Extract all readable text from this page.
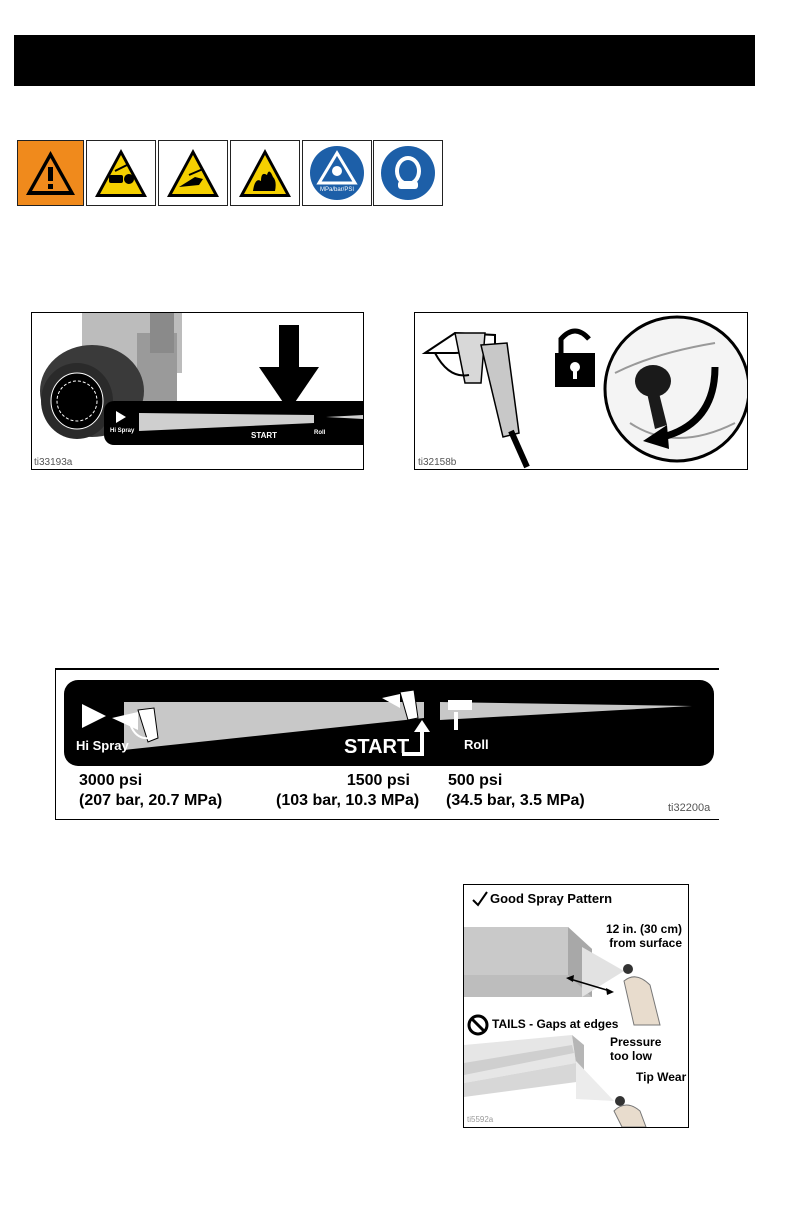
MPa/bar/PSI
Hi Spray	START	Roll
ti33193a	ti32158b
Hi Spray	START	Roll
3000 psi
(207 bar, 20.7 MPa)
1500 psi
(103 bar, 10.3 MPa)
500 psi
(34.5 bar, 3.5 MPa)	ti32200a
Good Spray Pattern
12 in. (30 cm)
from surface
TAILS - Gaps at edges
Pressure
too low
Tip Wear
ti5592a
